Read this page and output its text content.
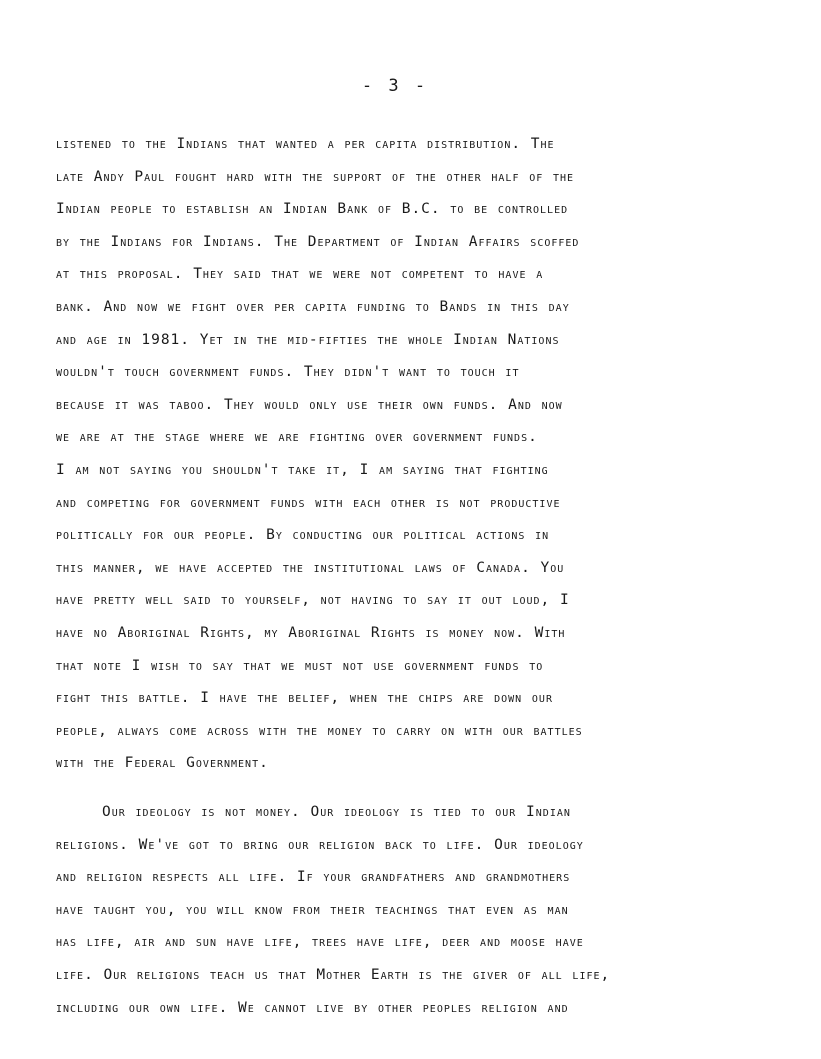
- 3 -
listened to the Indians that wanted a per capita distribution. The
late Andy Paul fought hard with the support of the other half of the
Indian people to establish an Indian Bank of B.C. to be controlled
by the Indians for Indians. The Department of Indian Affairs scoffed
at this proposal. They said that we were not competent to have a
bank. And now we fight over per capita funding to Bands in this day
and age in 1981. Yet in the mid-fifties the whole Indian Nations
wouldn't touch government funds. They didn't want to touch it
because it was taboo. They would only use their own funds. And now
we are at the stage where we are fighting over government funds.
I am not saying you shouldn't take it, I am saying that fighting
and competing for government funds with each other is not productive
politically for our people. By conducting our political actions in
this manner, we have accepted the institutional laws of Canada. You
have pretty well said to yourself, not having to say it out loud, I
have no Aboriginal Rights, my Aboriginal Rights is money now. With
that note I wish to say that we must not use government funds to
fight this battle. I have the belief, when the chips are down our
people, always come across with the money to carry on with our battles
with the Federal Government.
Our ideology is not money. Our ideology is tied to our Indian
religions. We've got to bring our religion back to life. Our ideology
and religion respects all life. If your grandfathers and grandmothers
have taught you, you will know from their teachings that even as man
has life, air and sun have life, trees have life, deer and moose have
life. Our religions teach us that Mother Earth is the giver of all life,
including our own life. We cannot live by other peoples religion and
